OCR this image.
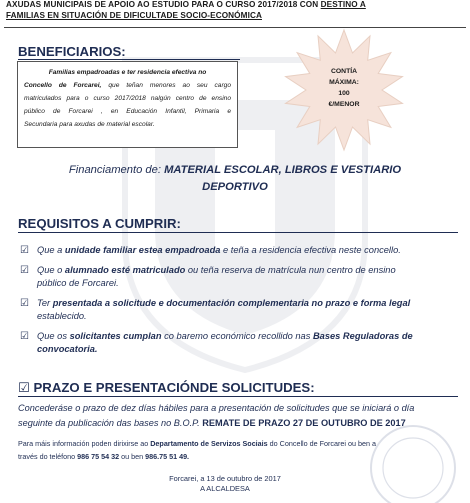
AXUDAS MUNICIPAIS DE APOIO AO ESTUDIO PARA O CURSO 2017/2018 CON DESTINO A
FAMILIAS EN SITUACIÓN DE DIFICULTADE SOCIO-ECONÓMICA
BENEFICIARIOS:
Familias empadroadas e ter residencia efectiva no
Concello de Forcarei, que teñan menores ao seu cargo
matriculados para o curso 2017/2018 nalgún centro de ensino
público de Forcarei , en Educación Infantil, Primaria e
Secundaria para axudas de material escolar.
CONTÍA
MÁXIMA:
100
€/MENOR
Financiamento de: MATERIAL ESCOLAR, LIBROS E VESTIARIO
DEPORTIVO
REQUISITOS A CUMPRIR:
☑ Que a unidade familiar estea empadroada e teña a residencia efectiva neste concello.
☑ Que o alumnado esté matriculado ou teña reserva de matrícula nun centro de ensino
público de Forcarei.
☑ Ter presentada a solicitude e documentación complementaria no prazo e forma legal
establecido.
☑ Que os solicitantes cumplan co baremo económico recollido nas Bases Reguladoras de
convocatoria.
☑ PRAZO E PRESENTACIÓNDE SOLICITUDES:
Concederáse o prazo de dez días hábiles para a presentación de solicitudes que se iniciará o día
seguinte da publicación das bases no B.O.P. REMATE DE PRAZO 27 DE OUTUBRO DE 2017
Para máis información poden dirixirse ao Departamento de Servizos Sociais do Concello de Forcarei ou ben a
través do teléfono 986 75 54 32 ou ben 986.75 51 49.
Forcarei, a 13 de outubro de 2017
A ALCALDESA
